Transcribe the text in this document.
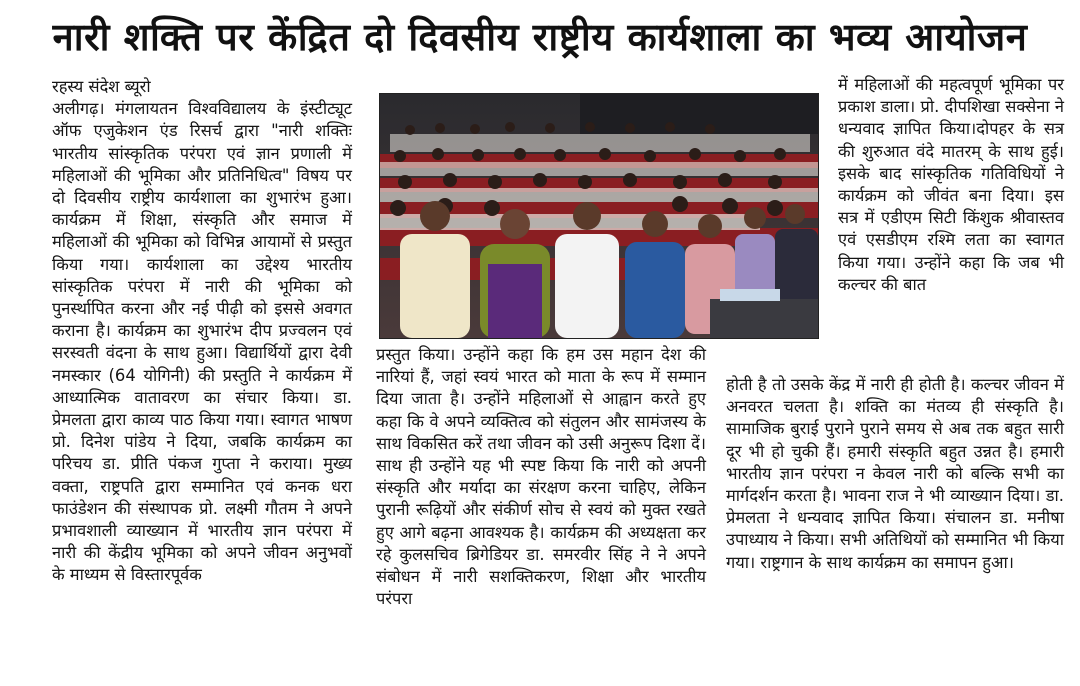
नारी शक्ति पर केंद्रित दो दिवसीय राष्ट्रीय कार्यशाला का भव्य आयोजन

रहस्य संदेश ब्यूरो

अलीगढ़। मंगलायतन विश्वविद्यालय के इंस्टीट्यूट ऑफ एजुकेशन एंड रिसर्च द्वारा "नारी शक्तिः भारतीय सांस्कृतिक परंपरा एवं ज्ञान प्रणाली में महिलाओं की भूमिका और प्रतिनिधित्व" विषय पर दो दिवसीय राष्ट्रीय कार्यशाला का शुभारंभ हुआ। कार्यक्रम में शिक्षा, संस्कृति और समाज में महिलाओं की भूमिका को विभिन्न आयामों से प्रस्तुत किया गया। कार्यशाला का उद्देश्य भारतीय सांस्कृतिक परंपरा में नारी की भूमिका को पुनर्स्थापित करना और नई पीढ़ी को इससे अवगत कराना है। कार्यक्रम का शुभारंभ दीप प्रज्वलन एवं सरस्वती वंदना के साथ हुआ। विद्यार्थियों द्वारा देवी नमस्कार (64 योगिनी) की प्रस्तुति ने कार्यक्रम में आध्यात्मिक वातावरण का संचार किया। डा. प्रेमलता द्वारा काव्य पाठ किया गया। स्वागत भाषण प्रो. दिनेश पांडेय ने दिया, जबकि कार्यक्रम का परिचय डा. प्रीति पंकज गुप्ता ने कराया। मुख्य वक्ता, राष्ट्रपति द्वारा सम्मानित एवं कनक धरा फाउंडेशन की संस्थापक प्रो. लक्ष्मी गौतम ने अपने प्रभावशाली व्याख्यान में भारतीय ज्ञान परंपरा में नारी की केंद्रीय भूमिका को अपने जीवन अनुभवों के माध्यम से विस्तारपूर्वक

में महिलाओं की महत्वपूर्ण भूमिका पर प्रकाश डाला। प्रो. दीपशिखा सक्सेना ने धन्यवाद ज्ञापित किया।दोपहर के सत्र की शुरुआत वंदे मातरम् के साथ हुई। इसके बाद सांस्कृतिक गतिविधियों ने कार्यक्रम को जीवंत बना दिया। इस सत्र में एडीएम सिटी किंशुक श्रीवास्तव एवं एसडीएम रश्मि लता का स्वागत किया गया। उन्होंने कहा कि जब भी कल्चर की बात

प्रस्तुत किया। उन्होंने कहा कि हम उस महान देश की नारियां हैं, जहां स्वयं भारत को माता के रूप में सम्मान दिया जाता है। उन्होंने महिलाओं से आह्वान करते हुए कहा कि वे अपने व्यक्तित्व को संतुलन और सामंजस्य के साथ विकसित करें तथा जीवन को उसी अनुरूप दिशा दें। साथ ही उन्होंने यह भी स्पष्ट किया कि नारी को अपनी संस्कृति और मर्यादा का संरक्षण करना चाहिए, लेकिन पुरानी रूढ़ियों और संकीर्ण सोच से स्वयं को मुक्त रखते हुए आगे बढ़ना आवश्यक है। कार्यक्रम की अध्यक्षता कर रहे कुलसचिव ब्रिगेडियर डा. समरवीर सिंह ने ने अपने संबोधन में नारी सशक्तिकरण, शिक्षा और भारतीय परंपरा

होती है तो उसके केंद्र में नारी ही होती है। कल्चर जीवन में अनवरत चलता है। शक्ति का मंतव्य ही संस्कृति है। सामाजिक बुराई पुराने पुराने समय से अब तक बहुत सारी दूर भी हो चुकी हैं। हमारी संस्कृति बहुत उन्नत है। हमारी भारतीय ज्ञान परंपरा न केवल नारी को बल्कि सभी का मार्गदर्शन करता है। भावना राज ने भी व्याख्यान दिया। डा. प्रेमलता ने धन्यवाद ज्ञापित किया। संचालन डा. मनीषा उपाध्याय ने किया। सभी अतिथियों को सम्मानित भी किया गया। राष्ट्रगान के साथ कार्यक्रम का समापन हुआ।
